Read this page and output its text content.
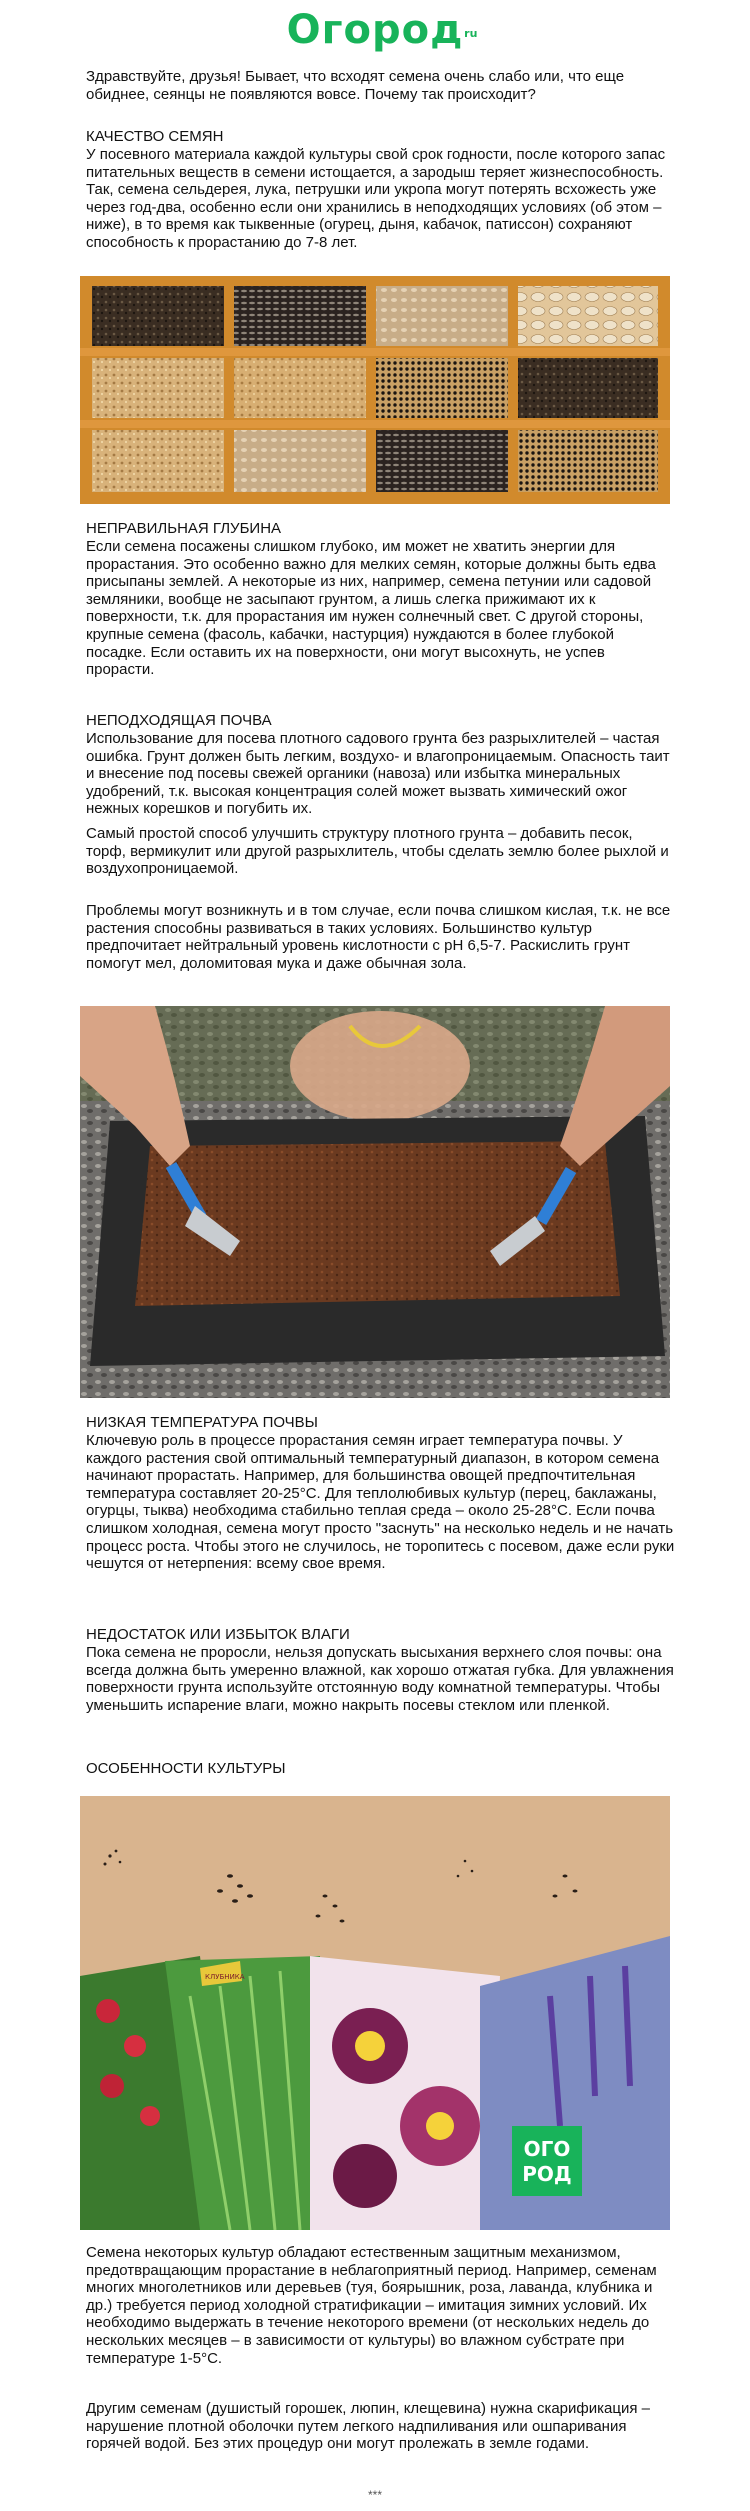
Огород ru

Здравствуйте, друзья! Бывает, что всходят семена очень слабо или, что еще обиднее, сеянцы не появляются вовсе. Почему так происходит?

КАЧЕСТВО СЕМЯН

У посевного материала каждой культуры свой срок годности, после которого запас питательных веществ в семени истощается, а зародыш теряет жизнеспособность. Так, семена сельдерея, лука, петрушки или укропа могут потерять всхожесть уже через год-два, особенно если они хранились в неподходящих условиях (об этом – ниже), в то время как тыквенные (огурец, дыня, кабачок, патиссон) сохраняют способность к прорастанию до 7-8 лет.

НЕПРАВИЛЬНАЯ ГЛУБИНА

Если семена посажены слишком глубоко, им может не хватить энергии для прорастания. Это особенно важно для мелких семян, которые должны быть едва присыпаны землей. А некоторые из них, например, семена петунии или садовой земляники, вообще не засыпают грунтом, а лишь слегка прижимают их к поверхности, т.к. для прорастания им нужен солнечный свет. С другой стороны, крупные семена (фасоль, кабачки, настурция) нуждаются в более глубокой посадке. Если оставить их на поверхности, они могут высохнуть, не успев прорасти.

НЕПОДХОДЯЩАЯ ПОЧВА

Использование для посева плотного садового грунта без разрыхлителей – частая ошибка. Грунт должен быть легким, воздухо- и влагопроницаемым. Опасность таит и внесение под посевы свежей органики (навоза) или избытка минеральных удобрений, т.к. высокая концентрация солей может вызвать химический ожог нежных корешков и погубить их.

Самый простой способ улучшить структуру плотного грунта – добавить песок, торф, вермикулит или другой разрыхлитель, чтобы сделать землю более рыхлой и воздухопроницаемой.

Проблемы могут возникнуть и в том случае, если почва слишком кислая, т.к. не все растения способны развиваться в таких условиях. Большинство культур предпочитает нейтральный уровень кислотности с рН 6,5-7. Раскислить грунт помогут мел, доломитовая мука и даже обычная зола.

НИЗКАЯ ТЕМПЕРАТУРА ПОЧВЫ

Ключевую роль в процессе прорастания семян играет температура почвы. У каждого растения свой оптимальный температурный диапазон, в котором семена начинают прорастать. Например, для большинства овощей предпочтительная температура составляет 20-25°С. Для теплолюбивых культур (перец, баклажаны, огурцы, тыква) необходима стабильно теплая среда – около 25-28°С. Если почва слишком холодная, семена могут просто "заснуть" на несколько недель и не начать процесс роста. Чтобы этого не случилось, не торопитесь с посевом, даже если руки чешутся от нетерпения: всему свое время.

НЕДОСТАТОК ИЛИ ИЗБЫТОК ВЛАГИ

Пока семена не проросли, нельзя допускать высыхания верхнего слоя почвы: она всегда должна быть умеренно влажной, как хорошо отжатая губка. Для увлажнения поверхности грунта используйте отстоянную воду комнатной температуры. Чтобы уменьшить испарение влаги, можно накрыть посевы стеклом или пленкой.

ОСОБЕННОСТИ КУЛЬТУРЫ
КЛУБНИКА
ОГО
РОД

Семена некоторых культур обладают естественным защитным механизмом, предотвращающим прорастание в неблагоприятный период. Например, семенам многих многолетников или деревьев (туя, боярышник, роза, лаванда, клубника и др.) требуется период холодной стратификации – имитация зимних условий. Их необходимо выдержать в течение некоторого времени (от нескольких недель до нескольких месяцев – в зависимости от культуры) во влажном субстрате при температуре 1-5°С.

Другим семенам (душистый горошек, люпин, клещевина) нужна скарификация – нарушение плотной оболочки путем легкого надпиливания или ошпаривания горячей водой. Без этих процедур они могут пролежать в земле годами.

***
